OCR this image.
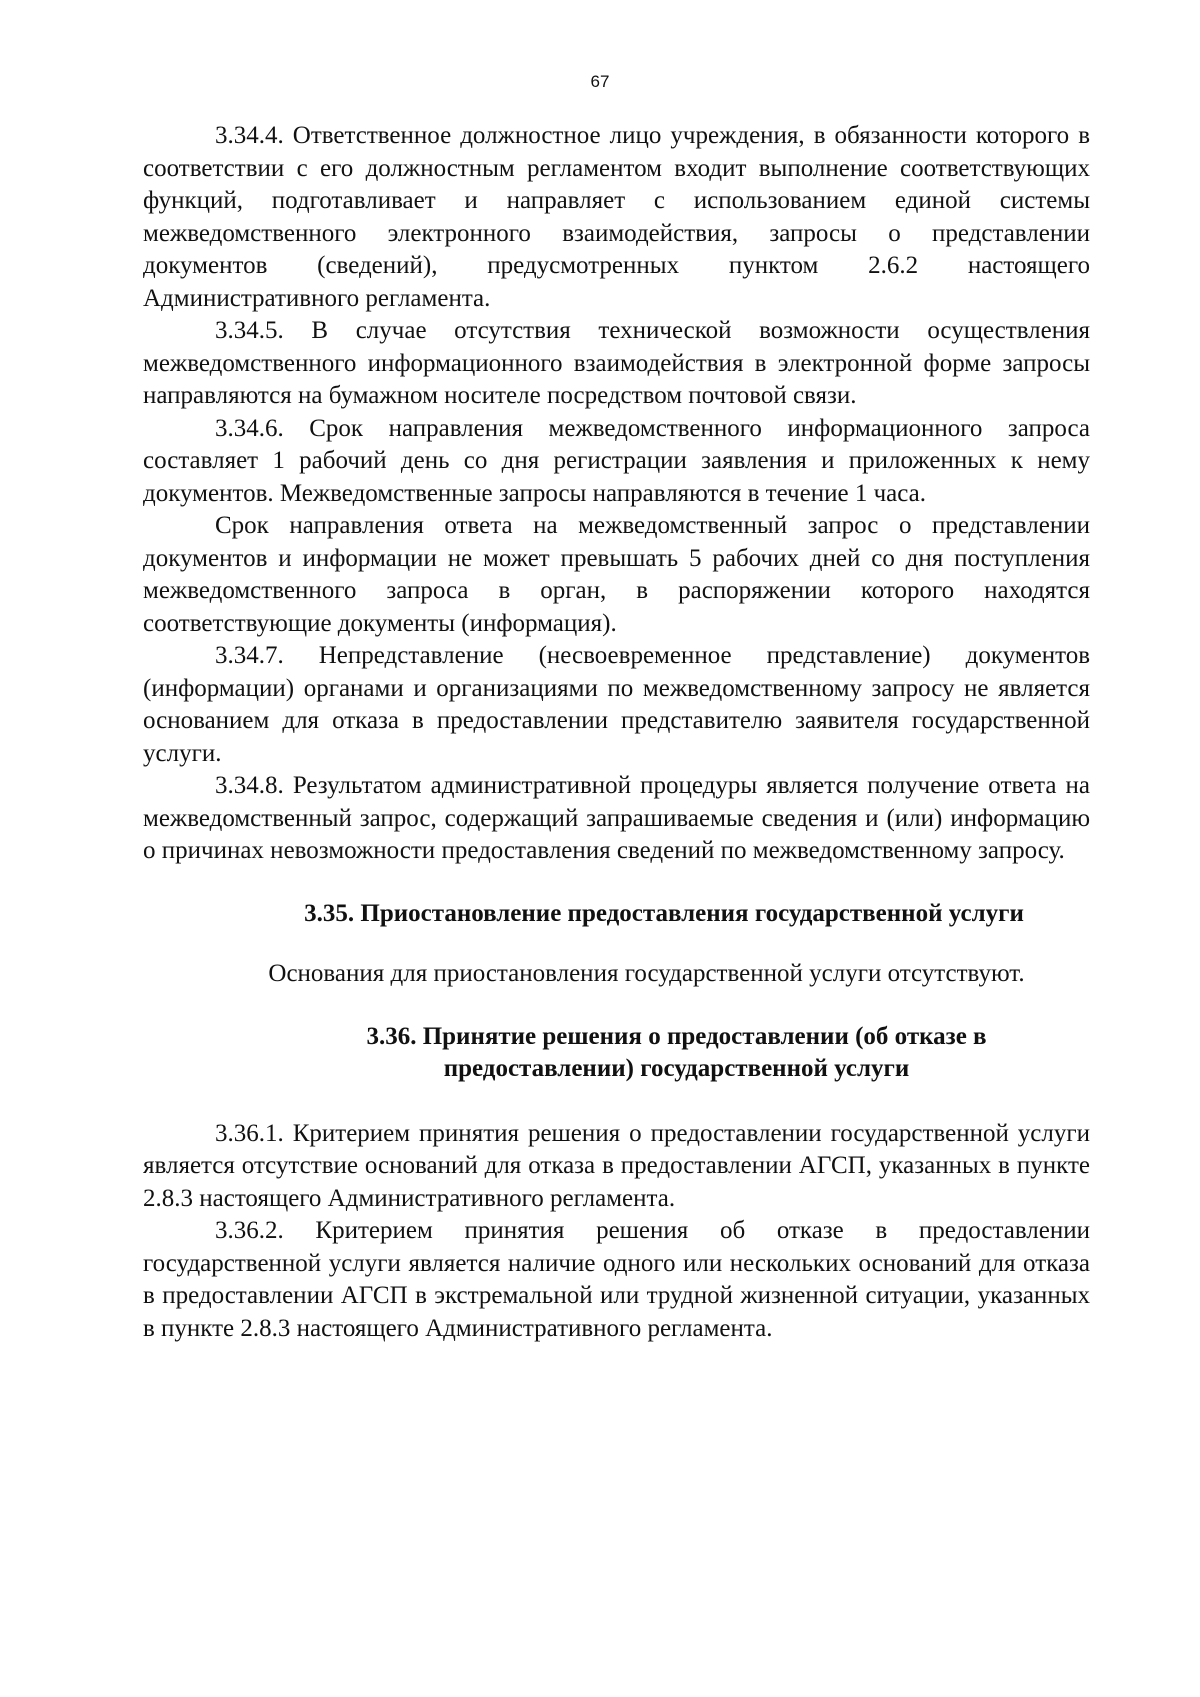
67

3.34.4. Ответственное должностное лицо учреждения, в обязанности которого в соответствии с его должностным регламентом входит выполнение соответствующих функций, подготавливает и направляет с использованием единой системы межведомственного электронного взаимодействия, запросы о представлении документов (сведений), предусмотренных пунктом 2.6.2 настоящего Административного регламента.

3.34.5. В случае отсутствия технической возможности осуществления межведомственного информационного взаимодействия в электронной форме запросы направляются на бумажном носителе посредством почтовой связи.

3.34.6. Срок направления межведомственного информационного запроса составляет 1 рабочий день со дня регистрации заявления и приложенных к нему документов. Межведомственные запросы направляются в течение 1 часа.

Срок направления ответа на межведомственный запрос о представлении документов и информации не может превышать 5 рабочих дней со дня поступления межведомственного запроса в орган, в распоряжении которого находятся соответствующие документы (информация).

3.34.7. Непредставление (несвоевременное представление) документов (информации) органами и организациями по межведомственному запросу не является основанием для отказа в предоставлении представителю заявителя государственной услуги.

3.34.8. Результатом административной процедуры является получение ответа на межведомственный запрос, содержащий запрашиваемые сведения и (или) информацию о причинах невозможности предоставления сведений по межведомственному запросу.

3.35. Приостановление предоставления государственной услуги

Основания для приостановления государственной услуги отсутствуют.

3.36. Принятие решения о предоставлении (об отказе в
предоставлении) государственной услуги

3.36.1. Критерием принятия решения о предоставлении государственной услуги является отсутствие оснований для отказа в предоставлении АГСП, указанных в пункте 2.8.3 настоящего Административного регламента.

3.36.2. Критерием принятия решения об отказе в предоставлении государственной услуги является наличие одного или нескольких оснований для отказа в предоставлении АГСП в экстремальной или трудной жизненной ситуации, указанных в пункте 2.8.3 настоящего Административного регламента.
